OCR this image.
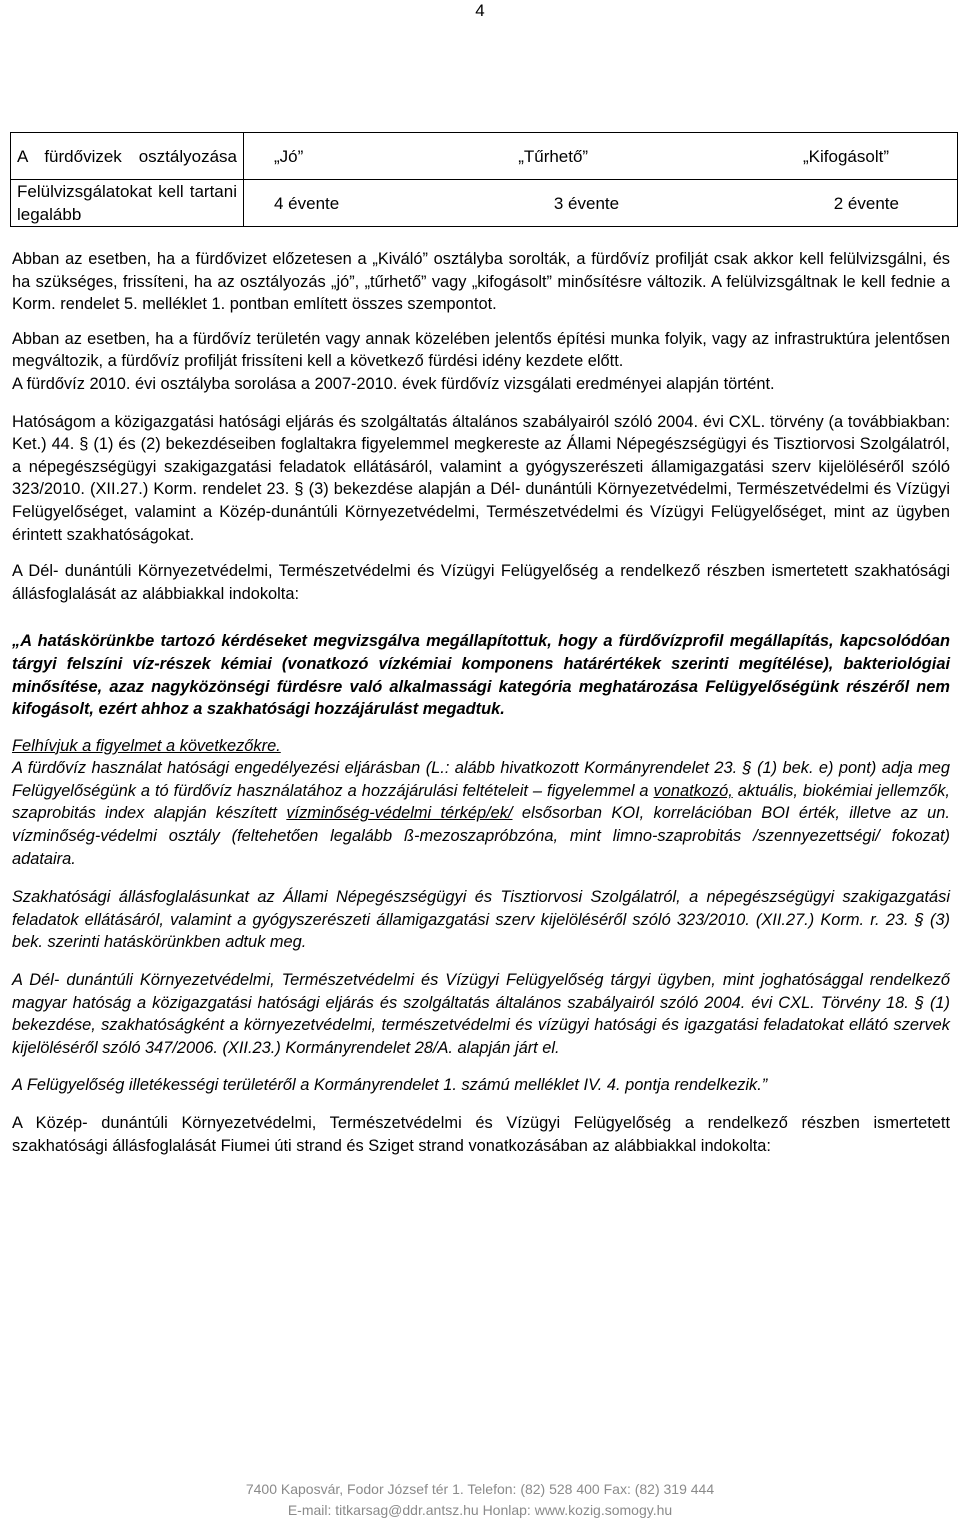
4
A fürdővizek osztályozása	„Jó” „Tűrhető” „Kifogásolt”

Felülvizsgálatokat kell tartani legalább	4 évente 3 évente 2 évente

Abban az esetben, ha a fürdővizet előzetesen a „Kiváló” osztályba sorolták, a fürdővíz profilját csak akkor kell felülvizsgálni, és ha szükséges, frissíteni, ha az osztályozás „jó”, „tűrhető” vagy „kifogásolt” minősítésre változik. A felülvizsgáltnak le kell fednie a Korm. rendelet 5. melléklet 1. pontban említett összes szempontot.

Abban az esetben, ha a fürdővíz területén vagy annak közelében jelentős építési munka folyik, vagy az infrastruktúra jelentősen megváltozik, a fürdővíz profilját frissíteni kell a következő fürdési idény kezdete előtt.

A fürdővíz 2010. évi osztályba sorolása a 2007-2010. évek fürdővíz vizsgálati eredményei alapján történt.

Hatóságom a közigazgatási hatósági eljárás és szolgáltatás általános szabályairól szóló 2004. évi CXL. törvény (a továbbiakban: Ket.) 44. § (1) és (2) bekezdéseiben foglaltakra figyelemmel megkereste az Állami Népegészségügyi és Tisztiorvosi Szolgálatról, a népegészségügyi szakigazgatási feladatok ellátásáról, valamint a gyógyszerészeti államigazgatási szerv kijelöléséről szóló 323/2010. (XII.27.) Korm. rendelet 23. § (3) bekezdése alapján a Dél- dunántúli Környezetvédelmi, Természetvédelmi és Vízügyi Felügyelőséget, valamint a Közép-dunántúli Környezetvédelmi, Természetvédelmi és Vízügyi Felügyelőséget, mint az ügyben érintett szakhatóságokat.

A Dél- dunántúli Környezetvédelmi, Természetvédelmi és Vízügyi Felügyelőség a rendelkező részben ismertetett szakhatósági állásfoglalását az alábbiakkal indokolta:

„A hatáskörünkbe tartozó kérdéseket megvizsgálva megállapítottuk, hogy a fürdővízprofil megállapítás, kapcsolódóan tárgyi felszíni víz-részek kémiai (vonatkozó vízkémiai komponens határértékek szerinti megítélése), bakteriológiai minősítése, azaz nagyközönségi fürdésre való alkalmassági kategória meghatározása Felügyelőségünk részéről nem kifogásolt, ezért ahhoz a szakhatósági hozzájárulást megadtuk.

Felhívjuk a figyelmet a következőkre.

A fürdővíz használat hatósági engedélyezési eljárásban (L.: alább hivatkozott Kormányrendelet 23. § (1) bek. e) pont) adja meg Felügyelőségünk a tó fürdővíz használatához a hozzájárulási feltételeit – figyelemmel a vonatkozó, aktuális, biokémiai jellemzők, szaprobitás index alapján készített vízminőség-védelmi térkép/ek/ elsősorban KOI, korrelációban BOI érték, illetve az un. vízminőség-védelmi osztály (feltehetően legalább ß-mezoszapróbzóna, mint limno-szaprobitás /szennyezettségi/ fokozat) adataira.

Szakhatósági állásfoglalásunkat az Állami Népegészségügyi és Tisztiorvosi Szolgálatról, a népegészségügyi szakigazgatási feladatok ellátásáról, valamint a gyógyszerészeti államigazgatási szerv kijelöléséről szóló 323/2010. (XII.27.) Korm. r. 23. § (3) bek. szerinti hatáskörünkben adtuk meg.

A Dél- dunántúli Környezetvédelmi, Természetvédelmi és Vízügyi Felügyelőség tárgyi ügyben, mint joghatósággal rendelkező magyar hatóság a közigazgatási hatósági eljárás és szolgáltatás általános szabályairól szóló 2004. évi CXL. Törvény 18. § (1) bekezdése, szakhatóságként a környezetvédelmi, természetvédelmi és vízügyi hatósági és igazgatási feladatokat ellátó szervek kijelöléséről szóló 347/2006. (XII.23.) Kormányrendelet 28/A. alapján járt el.

A Felügyelőség illetékességi területéről a Kormányrendelet 1. számú melléklet IV. 4. pontja rendelkezik.”

A Közép- dunántúli Környezetvédelmi, Természetvédelmi és Vízügyi Felügyelőség a rendelkező részben ismertetett szakhatósági állásfoglalását Fiumei úti strand és Sziget strand vonatkozásában az alábbiakkal indokolta:

7400 Kaposvár, Fodor József tér 1. Telefon: (82) 528 400 Fax: (82) 319 444
E-mail: titkarsag@ddr.antsz.hu Honlap: www.kozig.somogy.hu
